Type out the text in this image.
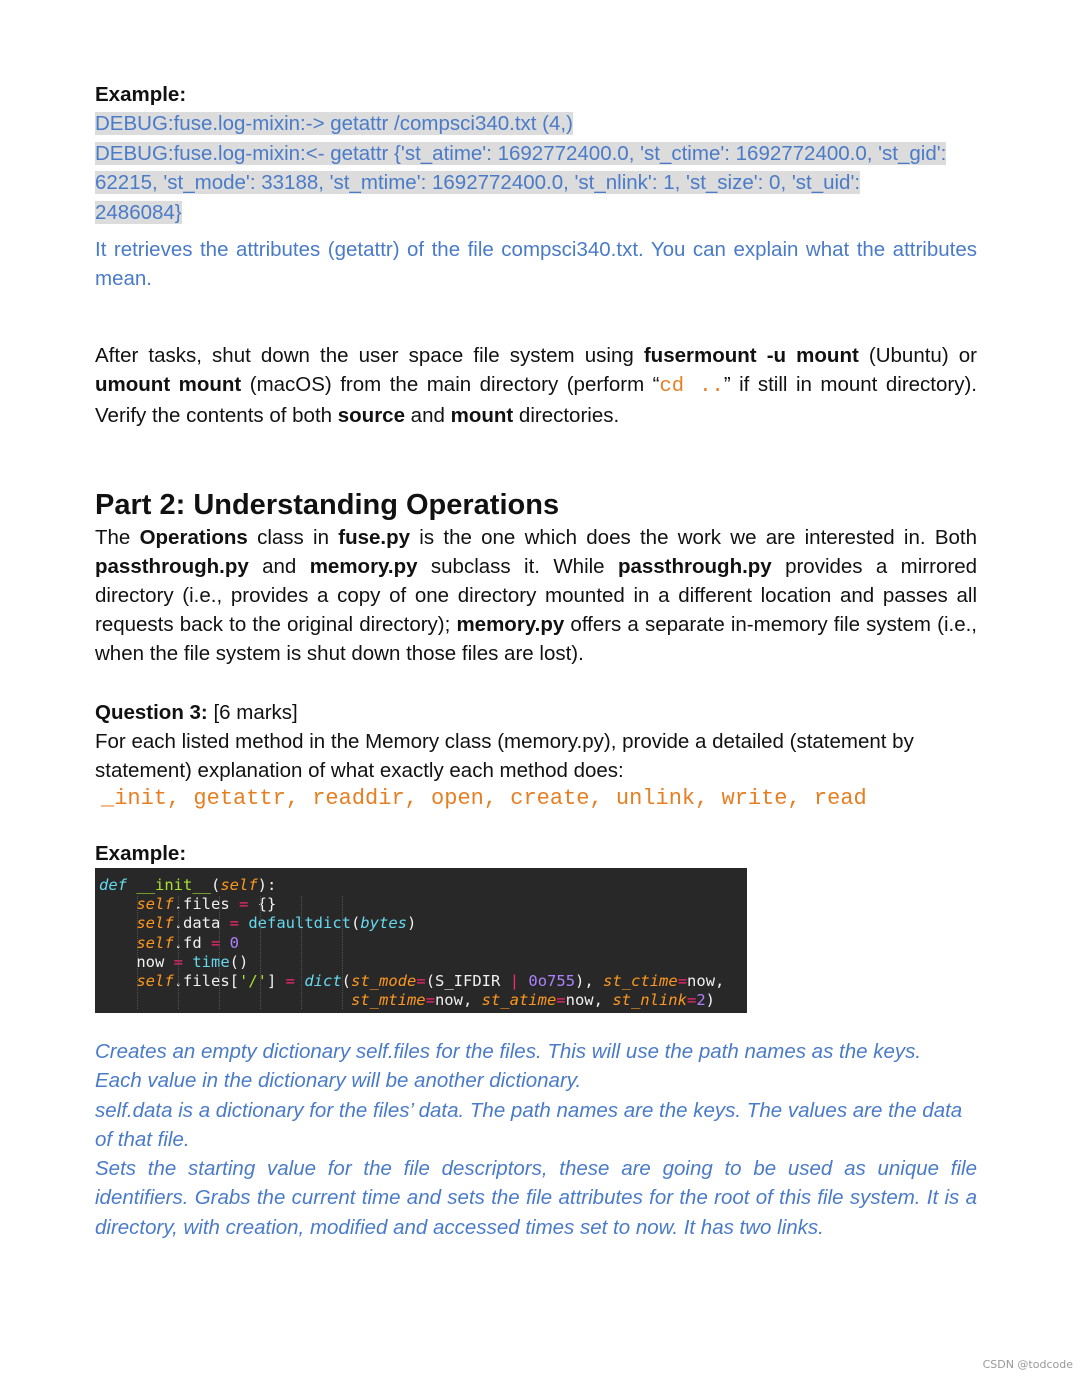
Example:

DEBUG:fuse.log-mixin:-> getattr /compsci340.txt (4,)
DEBUG:fuse.log-mixin:<- getattr {'st_atime': 1692772400.0, 'st_ctime': 1692772400.0, 'st_gid':
62215, 'st_mode': 33188, 'st_mtime': 1692772400.0, 'st_nlink': 1, 'st_size': 0, 'st_uid':
2486084}

It retrieves the attributes (getattr) of the file compsci340.txt. You can explain what the attributes mean.

After tasks, shut down the user space file system using fusermount -u mount (Ubuntu) or umount mount (macOS) from the main directory (perform “cd ..” if still in mount directory). Verify the contents of both source and mount directories.

Part 2: Understanding Operations

The Operations class in fuse.py is the one which does the work we are interested in. Both passthrough.py and memory.py subclass it. While passthrough.py provides a mirrored directory (i.e., provides a copy of one directory mounted in a different location and passes all requests back to the original directory); memory.py offers a separate in-memory file system (i.e., when the file system is shut down those files are lost).

Question 3: [6 marks]

For each listed method in the Memory class (memory.py), provide a detailed (statement by statement) explanation of what exactly each method does:

_init, getattr, readdir, open, create, unlink, write, read

Example:

def __init__(self):
self.files = {}
self.data = defaultdict(bytes)
self.fd = 0
now = time()
self.files['/'] = dict(st_mode=(S_IFDIR | 0o755), st_ctime=now,
st_mtime=now, st_atime=now, st_nlink=2)

Creates an empty dictionary self.files for the files. This will use the path names as the keys. Each value in the dictionary will be another dictionary.

self.data is a dictionary for the files’ data. The path names are the keys. The values are the data of that file.

Sets the starting value for the file descriptors, these are going to be used as unique file identifiers. Grabs the current time and sets the file attributes for the root of this file system. It is a directory, with creation, modified and accessed times set to now. It has two links.

CSDN @todcode
